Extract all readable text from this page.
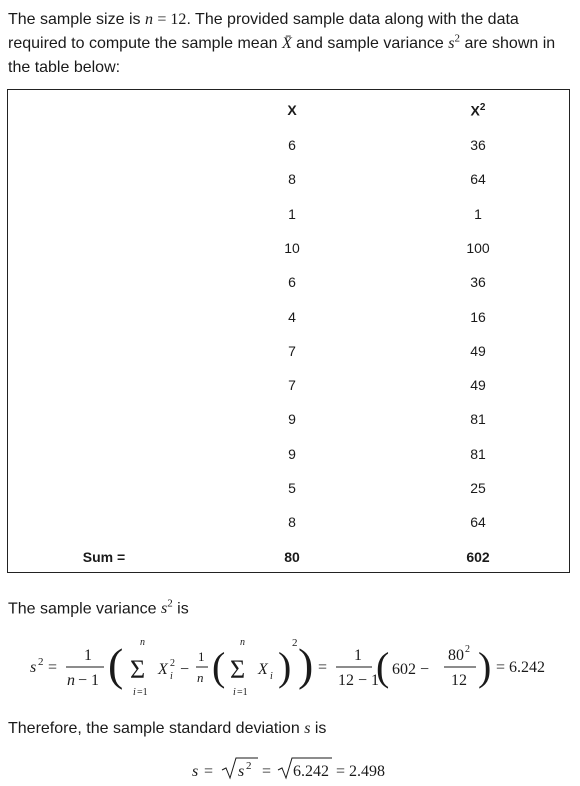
The sample size is n = 12. The provided sample data along with the data required to compute the sample mean X̄ and sample variance $s^2$ are shown in the table below:
X	$X^2$
6	36
8	64
1	1
10	100
6	36
4	16
7	49
7	49
9	81
9	81
5	25
8	64
Sum =	80	602
The sample variance $s^2$ is
s 2 =
1
n − 1 ( n
Σ
i =1
X 2
i −
1
n (
n
Σ
i =1
X i )
2 ) =
1
12 − 1
( 602 −
80 2
12 ) = 6.242
Therefore, the sample standard deviation s is
s = s 2 = 6.242 = 2.498
